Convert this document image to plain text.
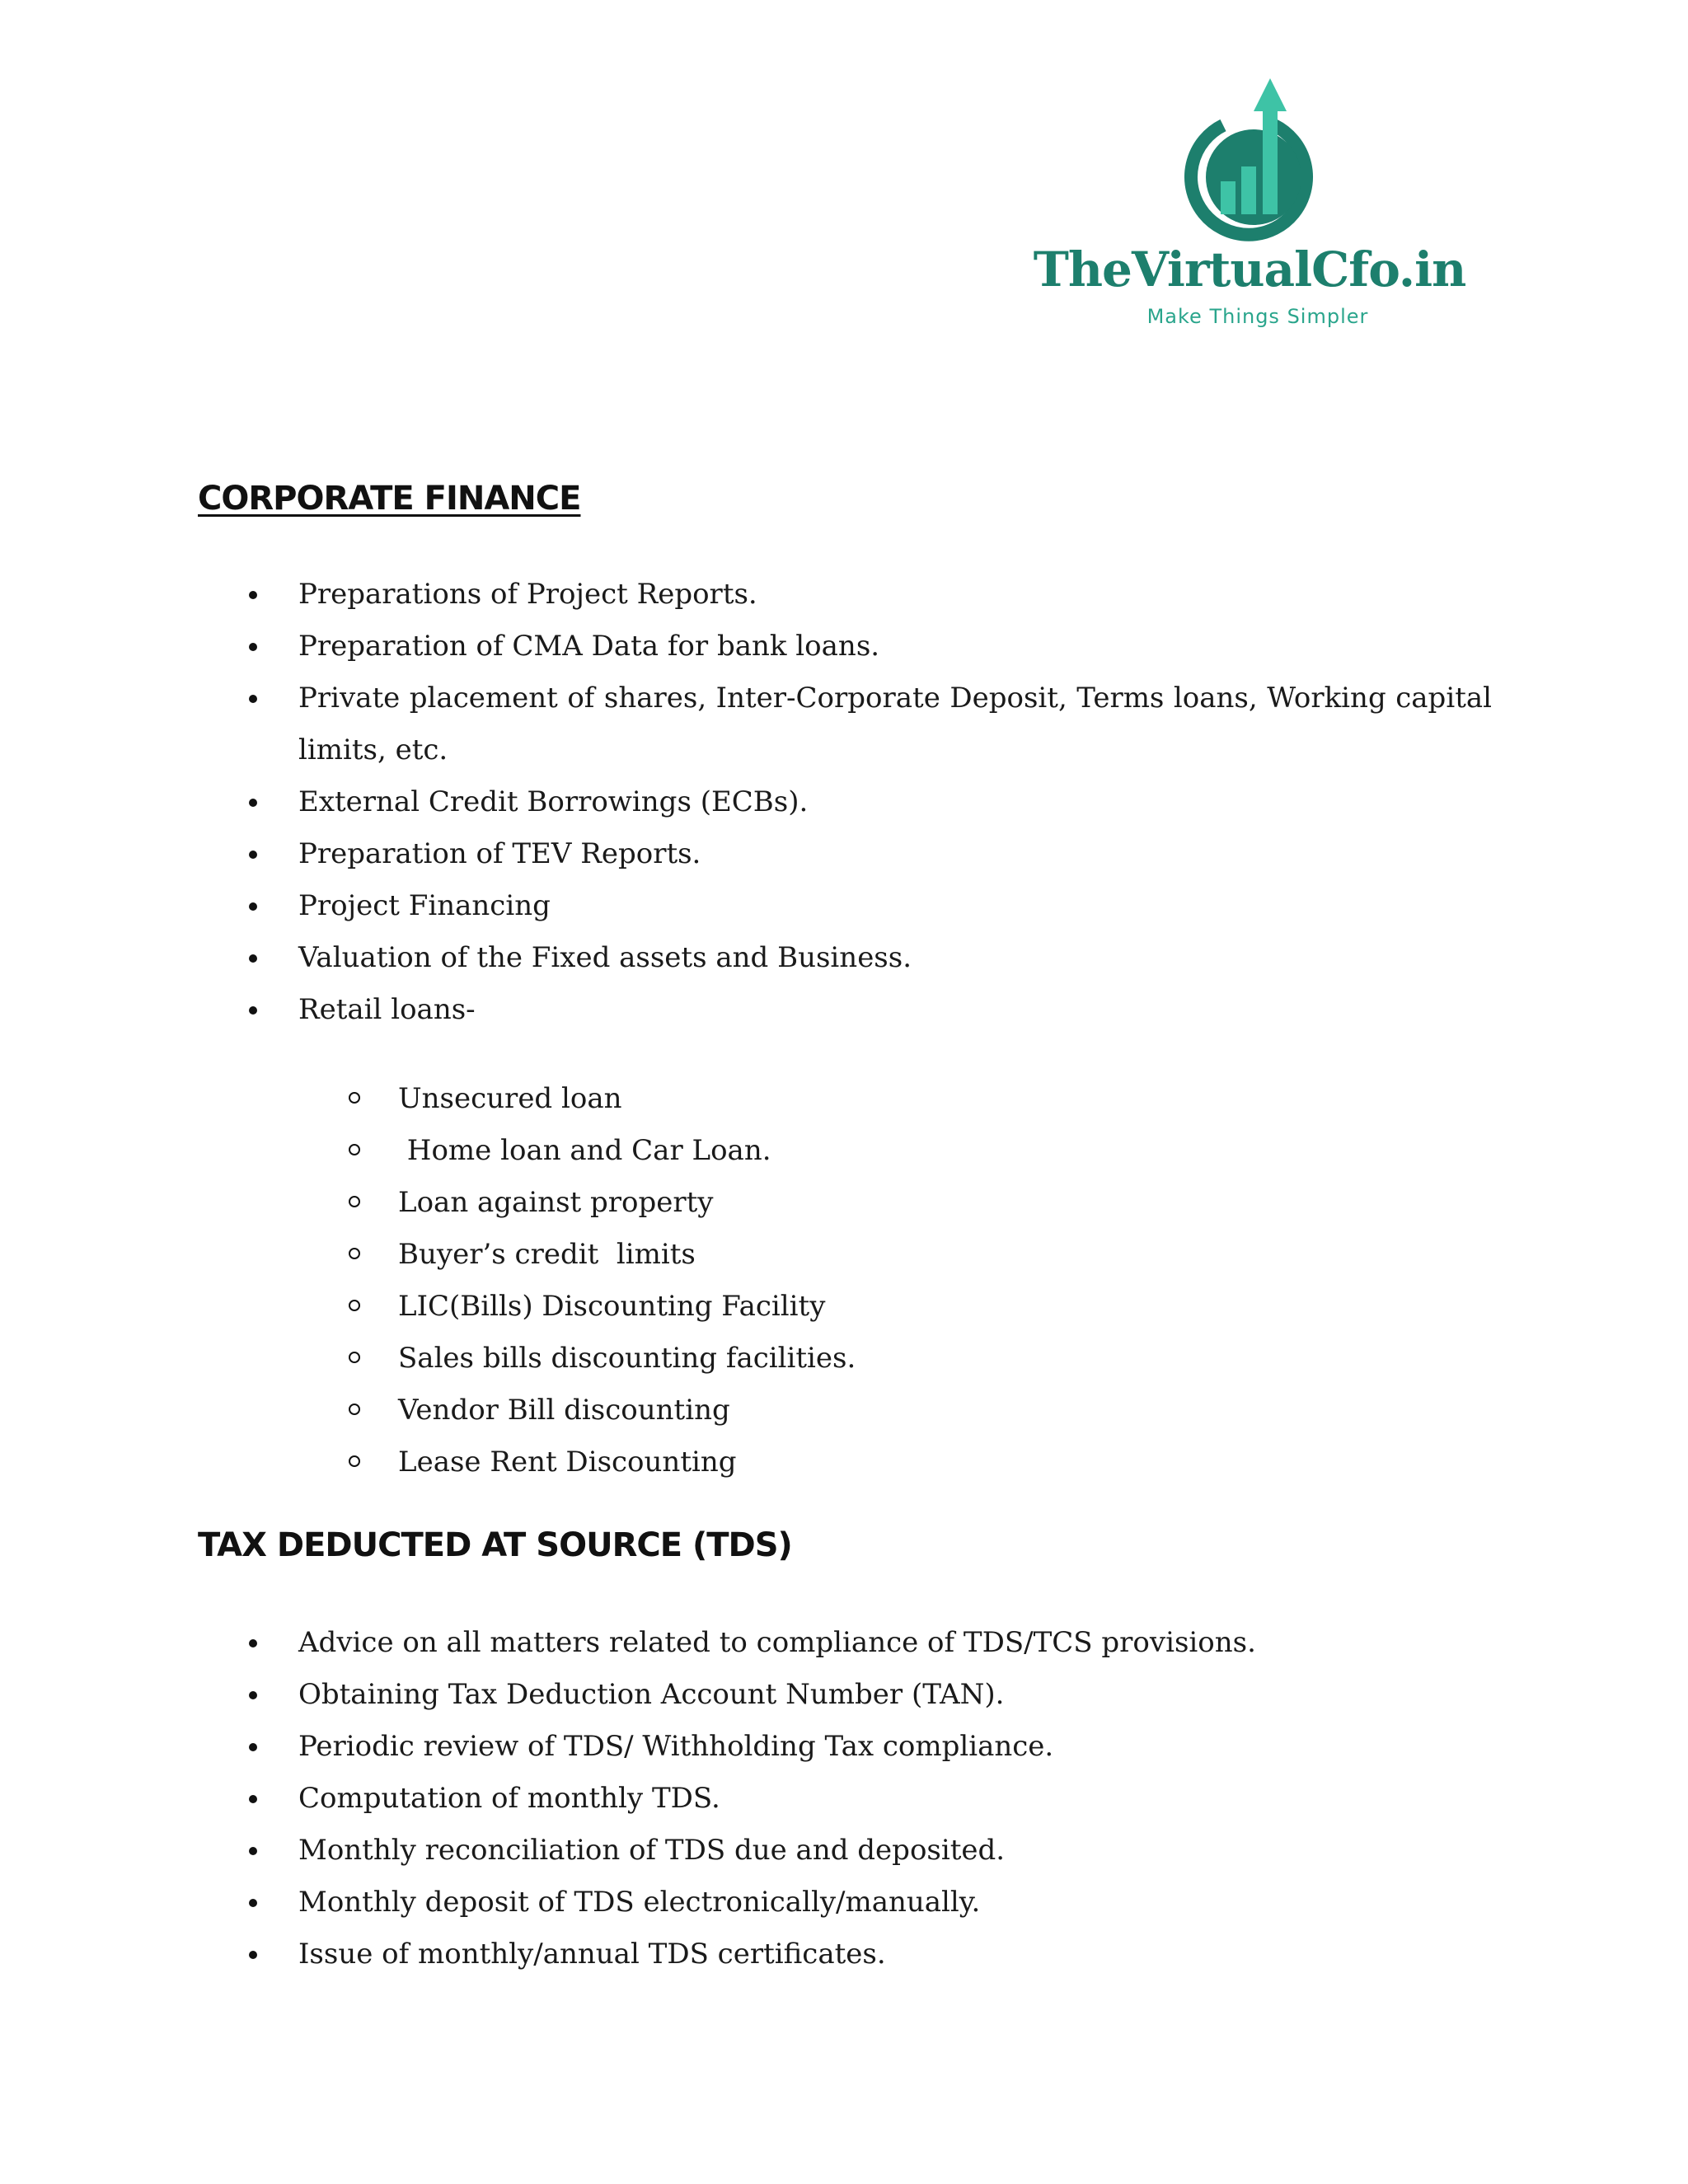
TheVirtualCfo.in
Make Things Simpler
CORPORATE FINANCE
Preparations of Project Reports.
Preparation of CMA Data for bank loans.
Private placement of shares, Inter-Corporate Deposit, Terms loans, Working capital limits, etc.
External Credit Borrowings (ECBs).
Preparation of TEV Reports.
Project Financing
Valuation of the Fixed assets and Business.
Retail loans-
Unsecured loan
Home loan and Car Loan.
Loan against property
Buyer’s credit  limits
LIC(Bills) Discounting Facility
Sales bills discounting facilities.
Vendor Bill discounting
Lease Rent Discounting
TAX DEDUCTED AT SOURCE (TDS)
Advice on all matters related to compliance of TDS/TCS provisions.
Obtaining Tax Deduction Account Number (TAN).
Periodic review of TDS/ Withholding Tax compliance.
Computation of monthly TDS.
Monthly reconciliation of TDS due and deposited.
Monthly deposit of TDS electronically/manually.
Issue of monthly/annual TDS certificates.
